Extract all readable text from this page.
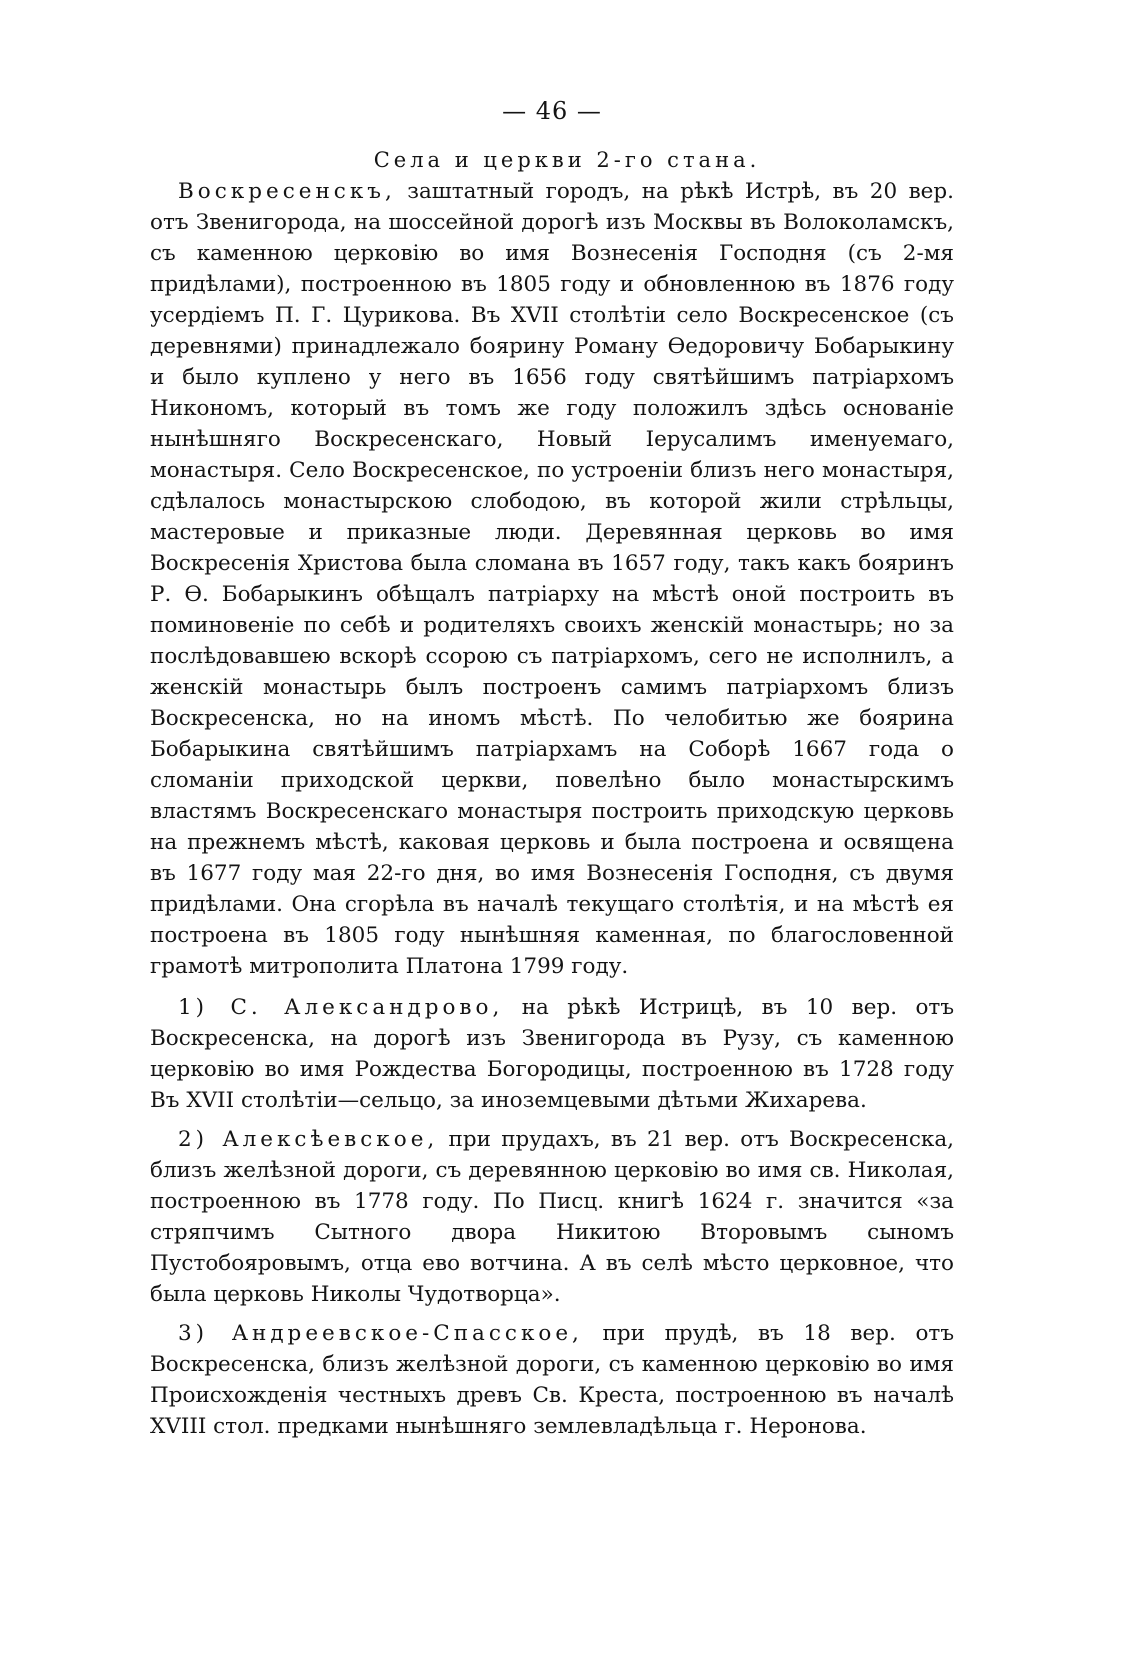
— 46 —
Села и церкви 2-го стана.

Воскресенскъ, заштатный городъ, на рѣкѣ Истрѣ, въ 20 вер. отъ Звенигорода, на шоссейной дорогѣ изъ Москвы въ Волоколамскъ, съ каменною церковію во имя Вознесенія Господня (съ 2-мя придѣлами), построенною въ 1805 году и обновленною въ 1876 году усердіемъ П. Г. Цурикова. Въ XVII столѣтіи село Воскресенское (съ деревнями) принадлежало боярину Роману Ѳедоровичу Бобарыкину и было куплено у него въ 1656 году святѣйшимъ патріархомъ Никономъ, который въ томъ же году положилъ здѣсь основаніе нынѣшняго Воскресенскаго, Новый Іерусалимъ именуемаго, монастыря. Село Воскресенское, по устроеніи близъ него монастыря, сдѣлалось монастырскою слободою, въ которой жили стрѣльцы, мастеровые и приказные люди. Деревянная церковь во имя Воскресенія Христова была сломана въ 1657 году, такъ какъ бояринъ Р. Ѳ. Бобарыкинъ обѣщалъ патріарху на мѣстѣ оной построить въ поминовеніе по себѣ и родителяхъ своихъ женскій монастырь; но за послѣдовавшею вскорѣ ссорою съ патріархомъ, сего не исполнилъ, а женскій монастырь былъ построенъ самимъ патріархомъ близъ Воскресенска, но на иномъ мѣстѣ. По челобитью же боярина Бобарыкина святѣйшимъ патріархамъ на Соборѣ 1667 года о сломаніи приходской церкви, повелѣно было монастырскимъ властямъ Воскресенскаго монастыря построить приходскую церковь на прежнемъ мѣстѣ, каковая церковь и была построена и освящена въ 1677 году мая 22-го дня, во имя Вознесенія Господня, съ двумя придѣлами. Она сгорѣла въ началѣ текущаго столѣтія, и на мѣстѣ ея построена въ 1805 году нынѣшняя каменная, по благословенной грамотѣ митрополита Платона 1799 году.

1) С. Александрово, на рѣкѣ Истрицѣ, въ 10 вер. отъ Воскресенска, на дорогѣ изъ Звенигорода въ Рузу, съ каменною церковію во имя Рождества Богородицы, построенною въ 1728 году Въ XVII столѣтіи—сельцо, за иноземцевыми дѣтьми Жихарева.

2) Алексѣевское, при прудахъ, въ 21 вер. отъ Воскресенска, близъ желѣзной дороги, съ деревянною церковію во имя св. Николая, построенною въ 1778 году. По Писц. книгѣ 1624 г. значится «за стряпчимъ Сытного двора Никитою Второвымъ сыномъ Пустобояровымъ, отца ево вотчина. А въ селѣ мѣсто церковное, что была церковь Николы Чудотворца».

3) Андреевское-Спасское, при прудѣ, въ 18 вер. отъ Воскресенска, близъ желѣзной дороги, съ каменною церковію во имя Происхожденія честныхъ древъ Св. Креста, построенною въ началѣ XVIII стол. предками нынѣшняго землевладѣльца г. Неронова.
